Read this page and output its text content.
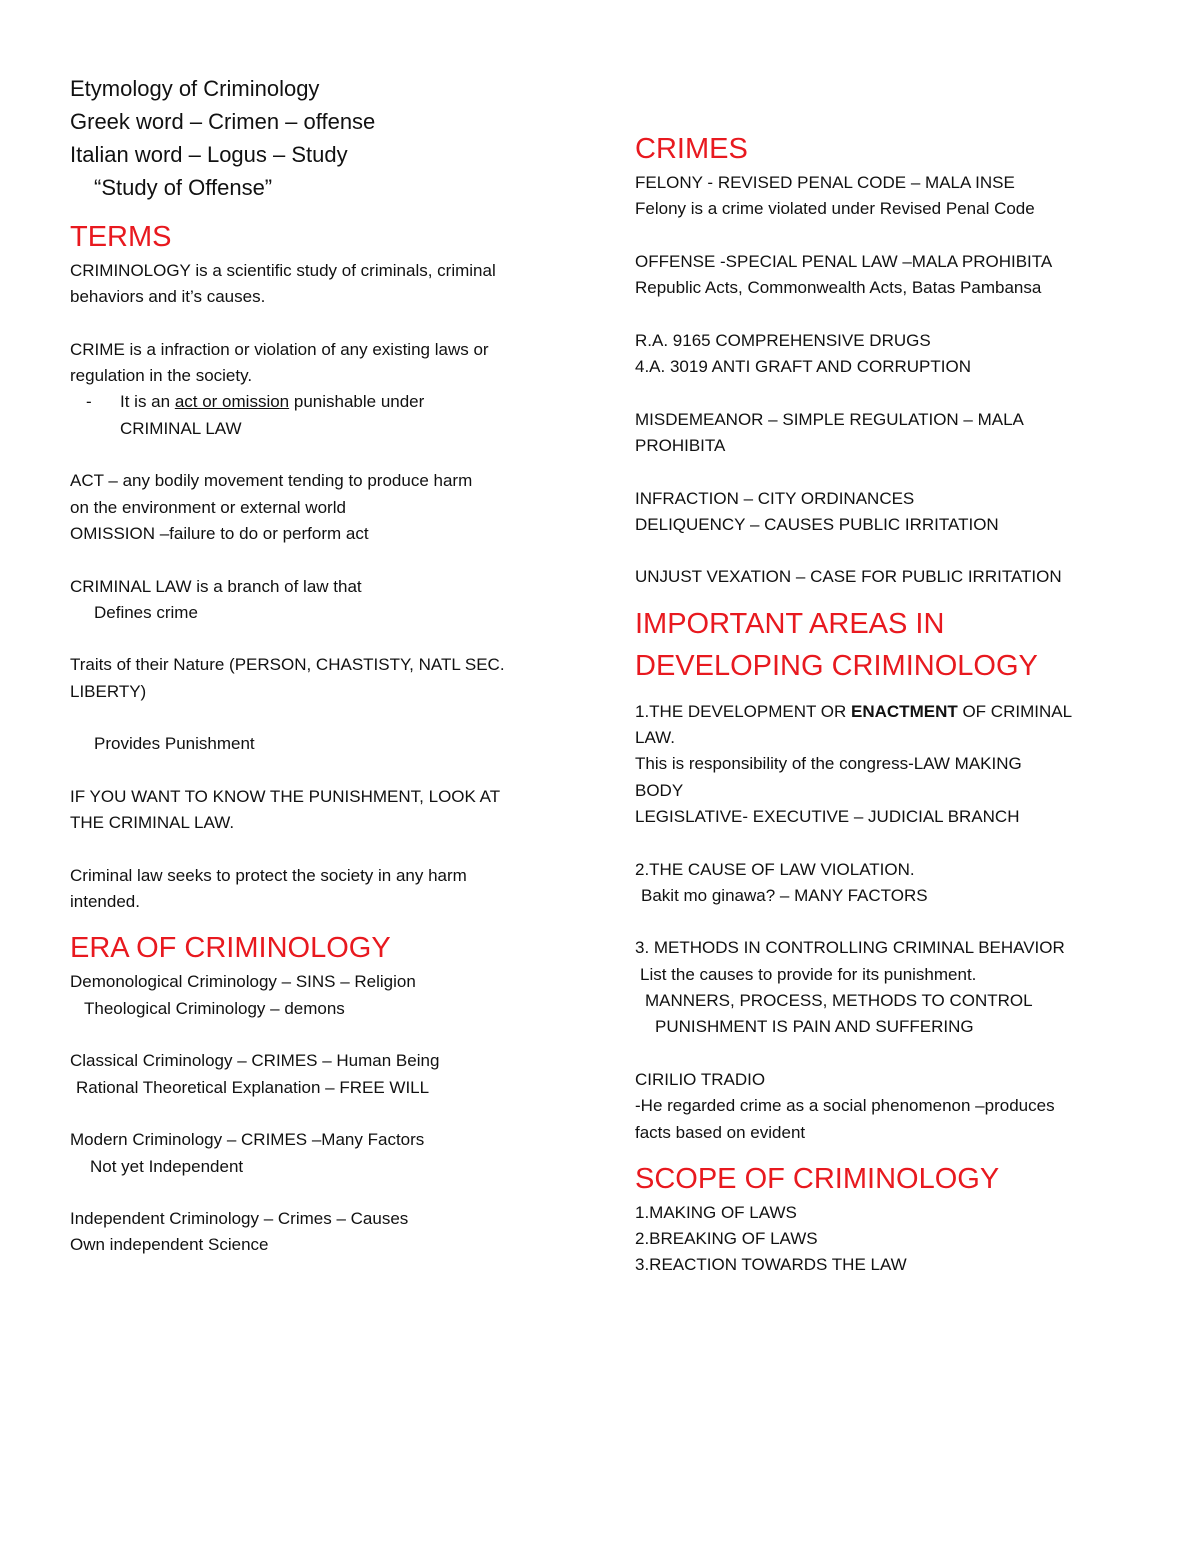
Etymology of Criminology

Greek word – Crimen – offense

Italian word – Logus – Study

“Study of Offense”

TERMS

CRIMINOLOGY is a scientific study of criminals, criminal

behaviors and it’s causes.

CRIME is a infraction or violation of any existing laws or

regulation in the society.

- It is an act or omission punishable under

CRIMINAL LAW

ACT – any bodily movement tending to produce harm

on the environment or external world

OMISSION –failure to do or perform act

CRIMINAL LAW is a branch of law that

Defines crime

Traits of their Nature (PERSON, CHASTISTY, NATL SEC.

LIBERTY)

Provides Punishment

IF YOU WANT TO KNOW THE PUNISHMENT, LOOK AT

THE CRIMINAL LAW.

Criminal law seeks to protect the society in any harm

intended.

ERA OF CRIMINOLOGY

Demonological Criminology – SINS – Religion

Theological Criminology – demons

Classical Criminology – CRIMES – Human Being

Rational Theoretical Explanation – FREE WILL

Modern Criminology – CRIMES –Many Factors

Not yet Independent

Independent Criminology – Crimes – Causes

Own independent Science

CRIMES

FELONY - REVISED PENAL CODE – MALA INSE

Felony is a crime violated under Revised Penal Code

OFFENSE -SPECIAL PENAL LAW –MALA PROHIBITA

Republic Acts, Commonwealth Acts, Batas Pambansa

R.A. 9165 COMPREHENSIVE DRUGS

4.A. 3019 ANTI GRAFT AND CORRUPTION

MISDEMEANOR – SIMPLE REGULATION – MALA

PROHIBITA

INFRACTION – CITY ORDINANCES

DELIQUENCY – CAUSES PUBLIC IRRITATION

UNJUST VEXATION – CASE FOR PUBLIC IRRITATION

IMPORTANT AREAS IN

DEVELOPING CRIMINOLOGY

1.THE DEVELOPMENT OR ENACTMENT OF CRIMINAL

LAW.

This is responsibility of the congress-LAW MAKING

BODY

LEGISLATIVE- EXECUTIVE – JUDICIAL BRANCH

2.THE CAUSE OF LAW VIOLATION.

Bakit mo ginawa? – MANY FACTORS

3. METHODS IN CONTROLLING CRIMINAL BEHAVIOR

List the causes to provide for its punishment.

MANNERS, PROCESS, METHODS TO CONTROL

PUNISHMENT IS PAIN AND SUFFERING

CIRILIO TRADIO

-He regarded crime as a social phenomenon –produces

facts based on evident

SCOPE OF CRIMINOLOGY

1.MAKING OF LAWS

2.BREAKING OF LAWS

3.REACTION TOWARDS THE LAW
